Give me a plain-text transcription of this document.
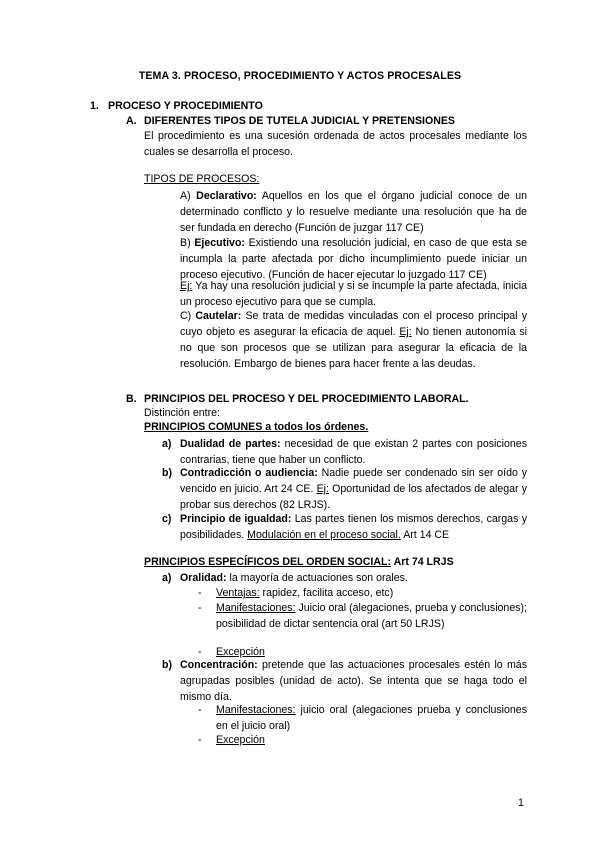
TEMA 3. PROCESO, PROCEDIMIENTO Y ACTOS PROCESALES
1. PROCESO Y PROCEDIMIENTO
A. DIFERENTES TIPOS DE TUTELA JUDICIAL Y PRETENSIONES

El procedimiento es una sucesión ordenada de actos procesales mediante los cuales se desarrolla el proceso.

TIPOS DE PROCESOS:

A) Declarativo: Aquellos en los que el órgano judicial conoce de un determinado conflicto y lo resuelve mediante una resolución que ha de ser fundada en derecho (Función de juzgar 117 CE)

B) Ejecutivo: Existiendo una resolución judicial, en caso de que esta se incumpla la parte afectada por dicho incumplimiento puede iniciar un proceso ejecutivo. (Función de hacer ejecutar lo juzgado 117 CE)

Ej: Ya hay una resolución judicial y si se incumple la parte afectada, inicia un proceso ejecutivo para que se cumpla.

C) Cautelar: Se trata de medidas vinculadas con el proceso principal y cuyo objeto es asegurar la eficacia de aquel. Ej: No tienen autonomía si no que son procesos que se utilizan para asegurar la eficacia de la resolución. Embargo de bienes para hacer frente a las deudas.

B. PRINCIPIOS DEL PROCESO Y DEL PROCEDIMIENTO LABORAL.
Distinción entre:
PRINCIPIOS COMUNES a todos los órdenes.
a) Dualidad de partes: necesidad de que existan 2 partes con posiciones contrarias, tiene que haber un conflicto.

b) Contradicción o audiencia: Nadie puede ser condenado sin ser oído y vencido en juicio. Art 24 CE. Ej: Oportunidad de los afectados de alegar y probar sus derechos (82 LRJS).

c) Principio de igualdad: Las partes tienen los mismos derechos, cargas y posibilidades. Modulación en el proceso social. Art 14 CE

PRINCIPIOS ESPECÍFICOS DEL ORDEN SOCIAL: Art 74 LRJS
a) Oralidad: la mayoría de actuaciones son orales.
- Ventajas: rapidez, facilita acceso, etc)

- Manifestaciones: Juicio oral (alegaciones, prueba y conclusiones); posibilidad de dictar sentencia oral (art 50 LRJS)

- Excepción
b) Concentración: pretende que las actuaciones procesales estén lo más agrupadas posibles (unidad de acto). Se intenta que se haga todo el mismo día.

- Manifestaciones: juicio oral (alegaciones prueba y conclusiones en el juicio oral)

- Excepción
1
